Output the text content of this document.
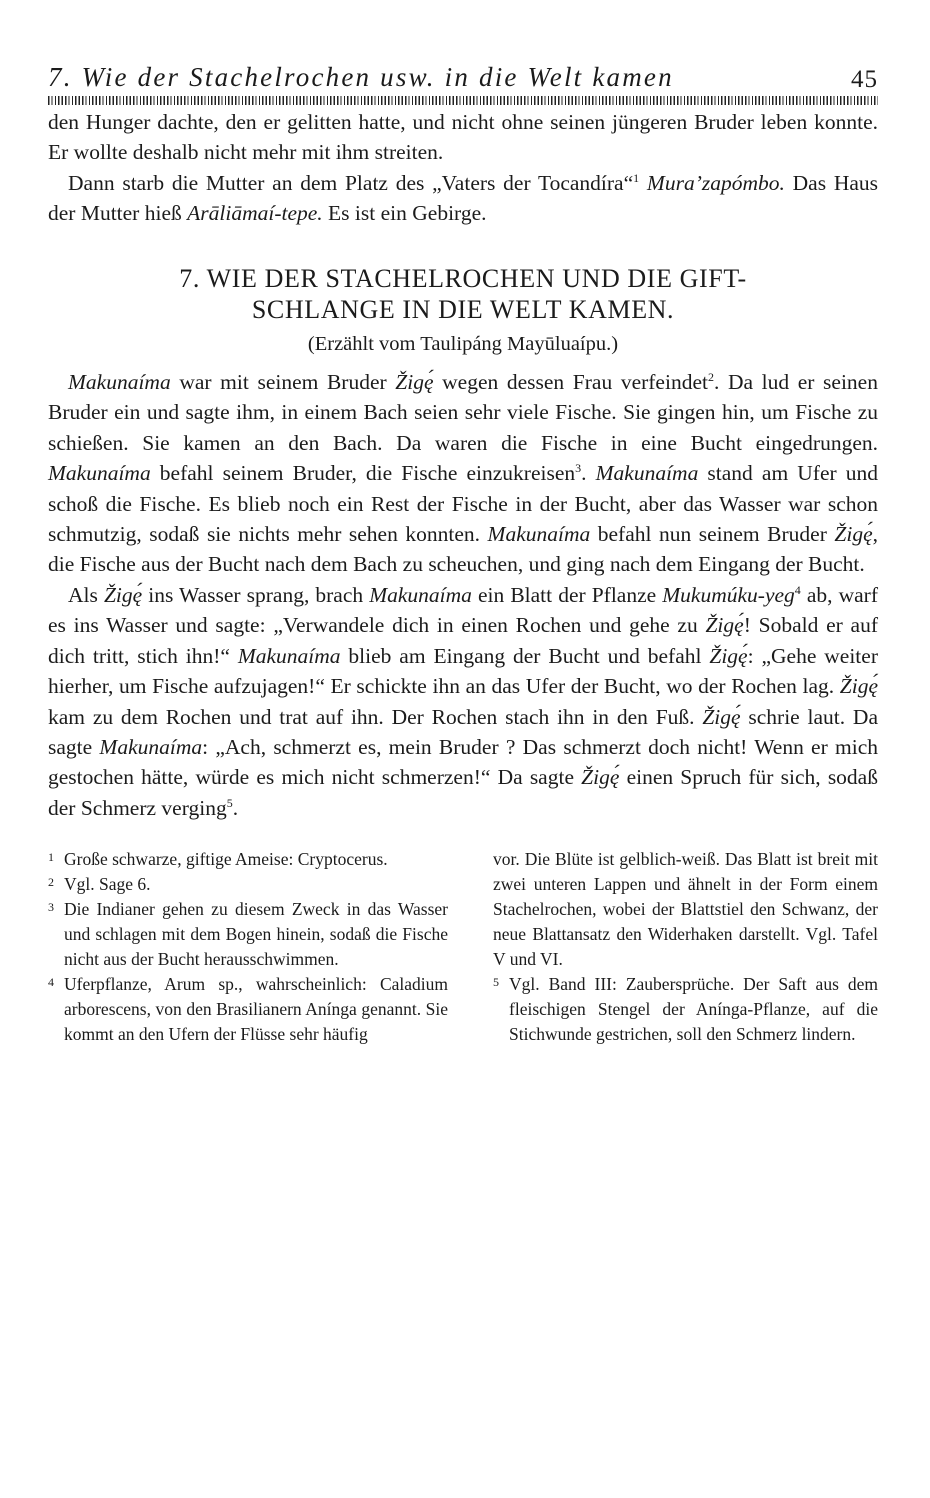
7. Wie der Stachelrochen usw. in die Welt kamen	45

den Hunger dachte, den er gelitten hatte, und nicht ohne seinen jüngeren Bruder leben konnte. Er wollte deshalb nicht mehr mit ihm streiten.

Dann starb die Mutter an dem Platz des „Vaters der Tocandíra“$^1$ Mura’zapómbo. Das Haus der Mutter hieß Arāliāmaí-tepe. Es ist ein Gebirge.

7. WIE DER STACHELROCHEN UND DIE GIFT-
SCHLANGE IN DIE WELT KAMEN.
(Erzählt vom Taulipáng Mayūluaípu.)

Makunaíma war mit seinem Bruder Žigę́ wegen dessen Frau verfeindet$^2$. Da lud er seinen Bruder ein und sagte ihm, in einem Bach seien sehr viele Fische. Sie gingen hin, um Fische zu schießen. Sie kamen an den Bach. Da waren die Fische in eine Bucht eingedrungen. Makunaíma befahl seinem Bruder, die Fische einzukreisen$^3$. Makunaíma stand am Ufer und schoß die Fische. Es blieb noch ein Rest der Fische in der Bucht, aber das Wasser war schon schmutzig, sodaß sie nichts mehr sehen konnten. Makunaíma befahl nun seinem Bruder Žigę́, die Fische aus der Bucht nach dem Bach zu scheuchen, und ging nach dem Eingang der Bucht.

Als Žigę́ ins Wasser sprang, brach Makunaíma ein Blatt der Pflanze Mukumúku-yeg$^4$ ab, warf es ins Wasser und sagte: „Verwandele dich in einen Rochen und gehe zu Žigę́! Sobald er auf dich tritt, stich ihn!“ Makunaíma blieb am Eingang der Bucht und befahl Žigę́: „Gehe weiter hierher, um Fische aufzujagen!“ Er schickte ihn an das Ufer der Bucht, wo der Rochen lag. Žigę́ kam zu dem Rochen und trat auf ihn. Der Rochen stach ihn in den Fuß. Žigę́ schrie laut. Da sagte Makunaíma: „Ach, schmerzt es, mein Bruder ? Das schmerzt doch nicht! Wenn er mich gestochen hätte, würde es mich nicht schmerzen!“ Da sagte Žigę́ einen Spruch für sich, sodaß der Schmerz verging$^5$.

1 Große schwarze, giftige Ameise: Cryptocerus.
2 Vgl. Sage 6.
3 Die Indianer gehen zu diesem Zweck in das Wasser und schlagen mit dem Bogen hinein, sodaß die Fische nicht aus der Bucht herausschwimmen.
4 Uferpflanze, Arum sp., wahrscheinlich: Caladium arborescens, von den Brasilianern Anínga genannt. Sie kommt an den Ufern der Flüsse sehr häufig
vor. Die Blüte ist gelblich-weiß. Das Blatt ist breit mit zwei unteren Lappen und ähnelt in der Form einem Stachelrochen, wobei der Blattstiel den Schwanz, der neue Blattansatz den Widerhaken darstellt. Vgl. Tafel V und VI.
5 Vgl. Band III: Zaubersprüche. Der Saft aus dem fleischigen Stengel der Anínga-Pflanze, auf die Stichwunde gestrichen, soll den Schmerz lindern.
